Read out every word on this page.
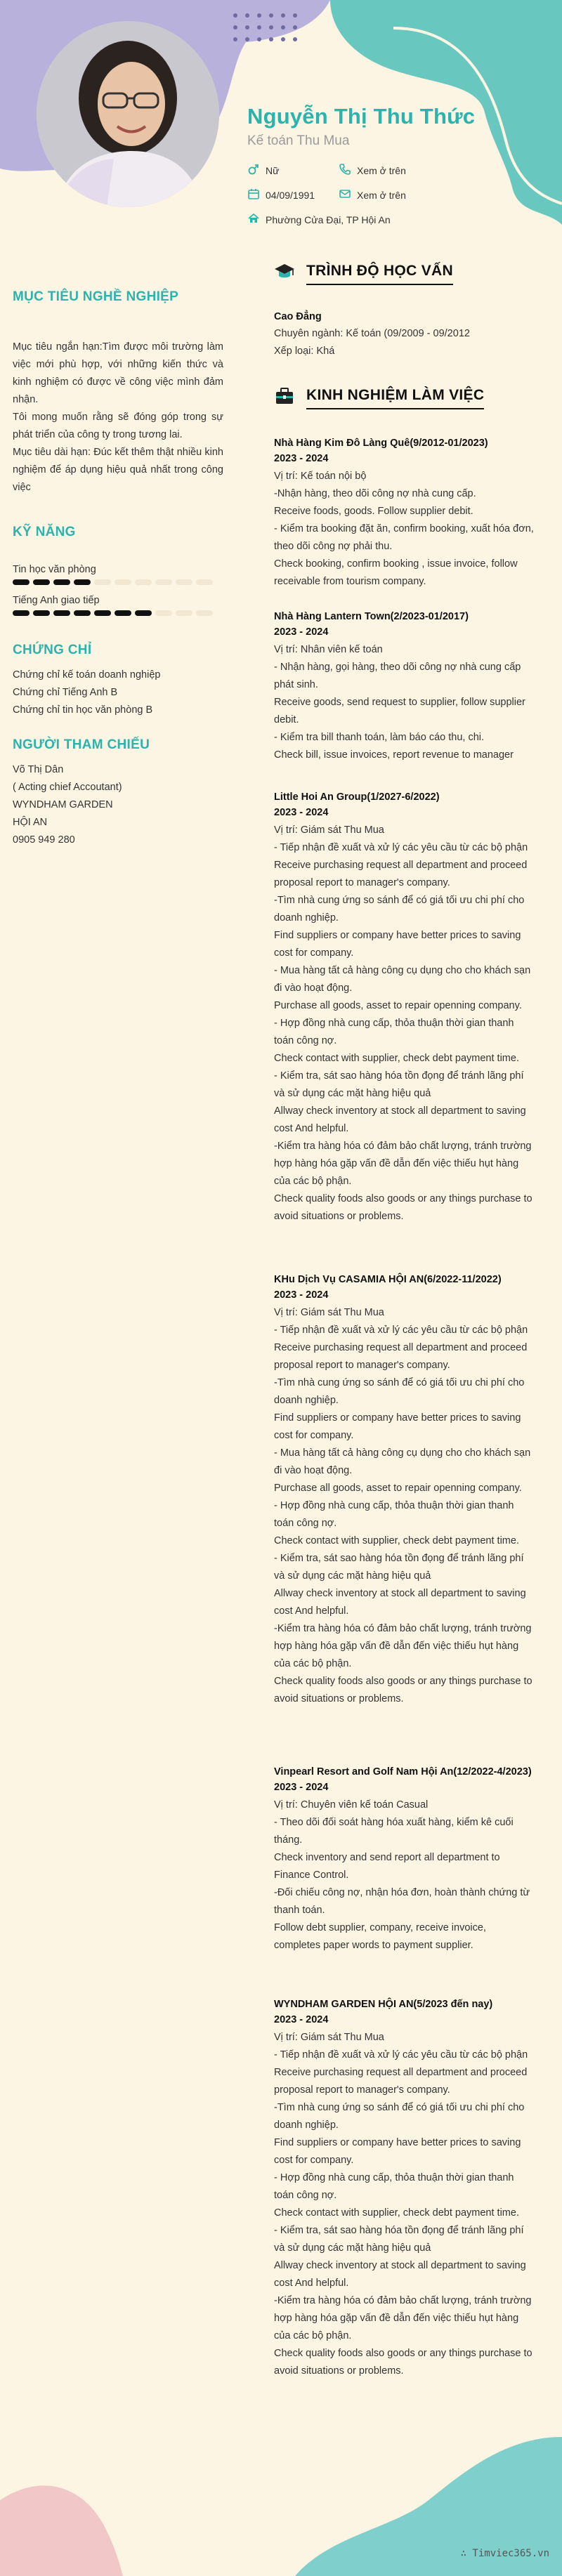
Nguyễn Thị Thu Thức
Kế toán Thu Mua
Nữ	Xem ở trên
04/09/1991	Xem ở trên
Phường Cửa Đại, TP Hội An
MỤC TIÊU NGHỀ NGHIỆP
Mục tiêu ngắn hạn:Tìm được môi trường làm việc mới phù hợp, với những kiến thức và kinh nghiệm có được về công việc mình đảm nhận.
Tôi mong muốn rằng sẽ đóng góp trong sự phát triển của công ty trong tương lai.
Mục tiêu dài hạn: Đúc kết thêm thật nhiều kinh nghiệm để áp dụng hiệu quả nhất trong công việc
KỸ NĂNG
Tin học văn phòng
Tiếng Anh giao tiếp
CHỨNG CHỈ
Chứng chỉ kế toán doanh nghiệp
Chứng chỉ Tiếng Anh B
Chứng chỉ tin học văn phòng B
NGƯỜI THAM CHIẾU
Võ Thị Dân
( Acting chief Accoutant)
WYNDHAM GARDEN
HỘI AN
0905 949 280
TRÌNH ĐỘ HỌC VẤN
Cao Đẳng
Chuyên ngành: Kế toán (09/2009 - 09/2012
Xếp loại: Khá
KINH NGHIỆM LÀM VIỆC
Nhà Hàng Kim Đô Làng Quê(9/2012-01/2023)
2023 - 2024
Vị trí: Kế toán nội bộ
-Nhận hàng, theo dõi công nợ nhà cung cấp.
Receive foods, goods. Follow supplier debit.
- Kiểm tra booking đặt ăn, confirm booking, xuất hóa đơn, theo dõi công nợ phải thu.
Check booking, confirm booking , issue invoice, follow receivable from tourism company.
Nhà Hàng Lantern Town(2/2023-01/2017)
2023 - 2024
Vị trí: Nhân viên kế toán
- Nhận hàng, gọi hàng, theo dõi công nợ nhà cung cấp phát sinh.
Receive goods, send request to supplier, follow supplier debit.
- Kiểm tra bill thanh toán, làm báo cáo thu, chi.
Check bill, issue invoices, report revenue to manager
Little Hoi An Group(1/2027-6/2022)
2023 - 2024
Vị trí: Giám sát Thu Mua
- Tiếp nhận đề xuất và xử lý các yêu cầu từ các bộ phận
Receive purchasing request all department and proceed proposal report to manager's company.
-Tìm nhà cung ứng so sánh để có giá tối ưu chi phí cho doanh nghiệp.
Find suppliers or company have better prices to saving cost for company.
- Mua hàng tất cả hàng công cụ dụng cho cho khách sạn đi vào hoạt động.
Purchase all goods, asset to repair openning company.
- Hợp đồng nhà cung cấp, thỏa thuận thời gian thanh toán công nợ.
Check contact with supplier, check debt payment time.
- Kiểm tra, sát sao hàng hóa tồn đọng để tránh lãng phí và sử dụng các mặt hàng hiệu quả
Allway check inventory at stock all department to saving cost And helpful.
-Kiểm tra hàng hóa có đảm bảo chất lượng, tránh trường hợp hàng hóa gặp vấn đề dẫn đến việc thiếu hụt hàng của các bộ phận.
Check quality foods also goods or any things purchase to avoid situations or problems.
KHu Dịch Vụ CASAMIA HỘI AN(6/2022-11/2022)
2023 - 2024
Vị trí: Giám sát Thu Mua
- Tiếp nhận đề xuất và xử lý các yêu cầu từ các bộ phận
Receive purchasing request all department and proceed proposal report to manager's company.
-Tìm nhà cung ứng so sánh để có giá tối ưu chi phí cho doanh nghiệp.
Find suppliers or company have better prices to saving cost for company.
- Mua hàng tất cả hàng công cụ dụng cho cho khách sạn đi vào hoạt động.
Purchase all goods, asset to repair openning company.
- Hợp đồng nhà cung cấp, thỏa thuận thời gian thanh toán công nợ.
Check contact with supplier, check debt payment time.
- Kiểm tra, sát sao hàng hóa tồn đọng để tránh lãng phí và sử dụng các mặt hàng hiệu quả
Allway check inventory at stock all department to saving cost And helpful.
-Kiểm tra hàng hóa có đảm bảo chất lượng, tránh trường hợp hàng hóa gặp vấn đề dẫn đến việc thiếu hụt hàng của các bộ phận.
Check quality foods also goods or any things purchase to avoid situations or problems.
Vinpearl Resort and Golf Nam Hội An(12/2022-4/2023)
2023 - 2024
Vị trí: Chuyên viên kế toán Casual
- Theo dõi đối soát hàng hóa xuất hàng, kiểm kê cuối tháng.
Check inventory and send report all department to Finance Control.
-Đối chiếu công nợ, nhận hóa đơn, hoàn thành chứng từ thanh toán.
Follow debt supplier, company, receive invoice, completes paper words to payment supplier.
WYNDHAM GARDEN HỘI AN(5/2023 đến nay)
2023 - 2024
Vị trí: Giám sát Thu Mua
- Tiếp nhận đề xuất và xử lý các yêu cầu từ các bộ phận
Receive purchasing request all department and proceed proposal report to manager's company.
-Tìm nhà cung ứng so sánh để có giá tối ưu chi phí cho doanh nghiệp.
Find suppliers or company have better prices to saving cost for company.
- Hợp đồng nhà cung cấp, thỏa thuận thời gian thanh toán công nợ.
Check contact with supplier, check debt payment time.
- Kiểm tra, sát sao hàng hóa tồn đọng để tránh lãng phí và sử dụng các mặt hàng hiệu quả
Allway check inventory at stock all department to saving cost And helpful.
-Kiểm tra hàng hóa có đảm bảo chất lượng, tránh trường hợp hàng hóa gặp vấn đề dẫn đến việc thiếu hụt hàng của các bộ phận.
Check quality foods also goods or any things purchase to avoid situations or problems.
∴ Timviec365.vn
